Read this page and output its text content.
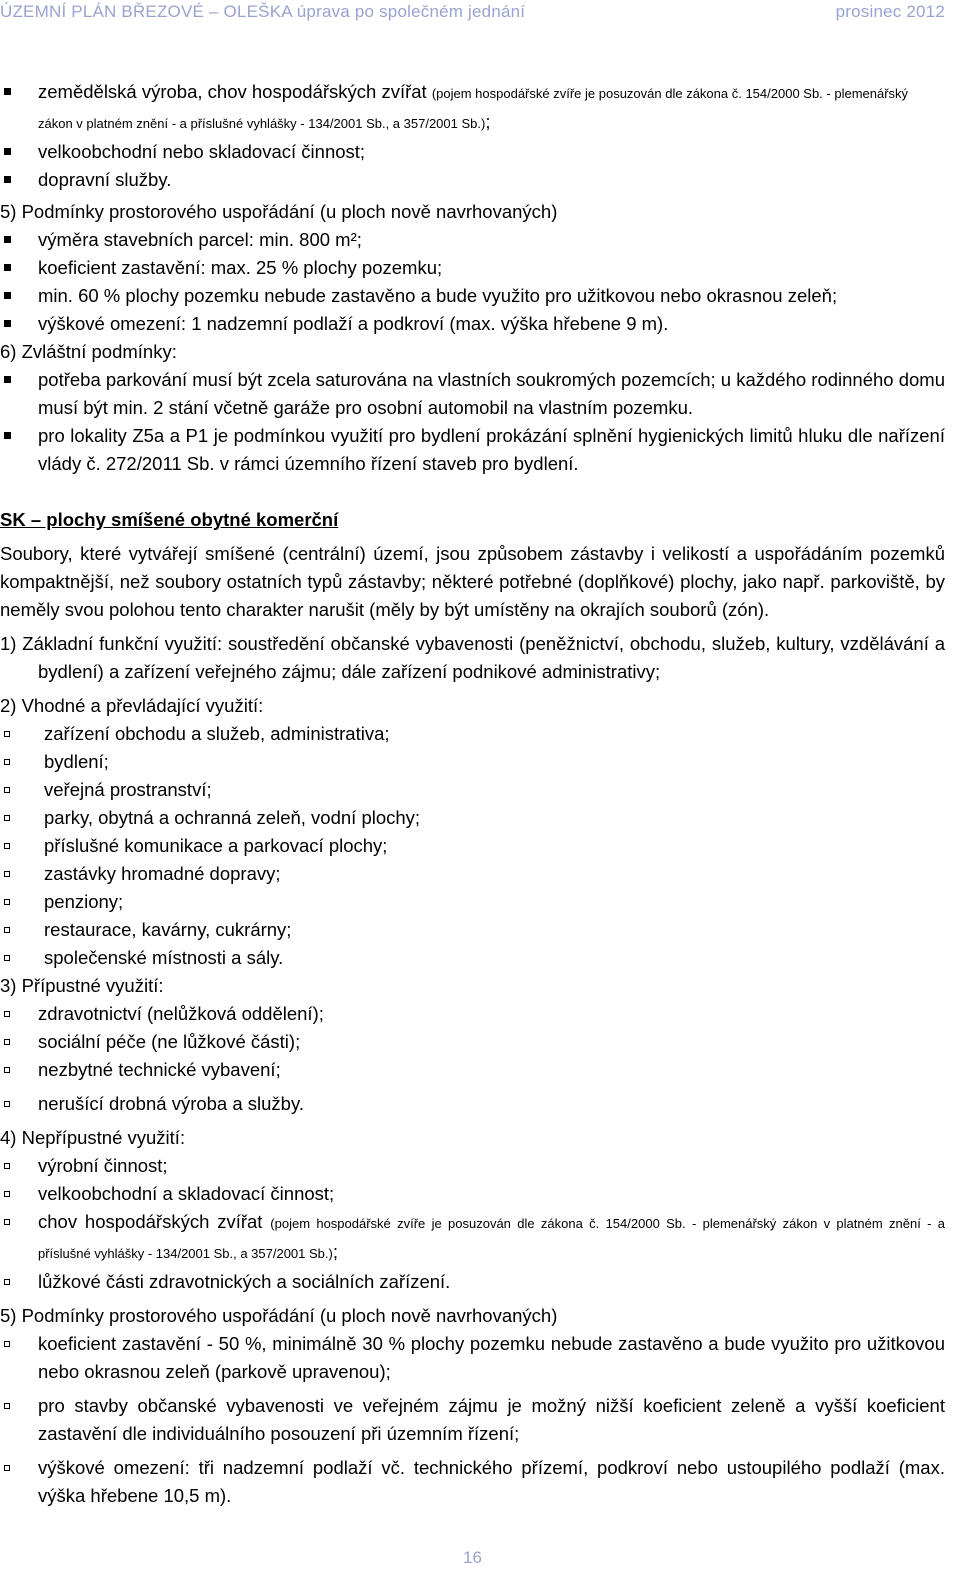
ÚZEMNÍ PLÁN BŘEZOVÉ – OLEŠKA úprava po společném jednání	prosinec 2012

zemědělská výroba, chov hospodářských zvířat (pojem hospodářské zvíře je posuzován dle zákona č. 154/2000 Sb. - plemenářský zákon v platném znění - a příslušné vyhlášky - 134/2001 Sb., a 357/2001 Sb.);

velkoobchodní nebo skladovací činnost;

dopravní služby.

5) Podmínky prostorového uspořádání (u ploch nově navrhovaných)

výměra stavebních parcel: min. 800 m²;

koeficient zastavění: max. 25 % plochy pozemku;

min. 60 % plochy pozemku nebude zastavěno a bude využito pro užitkovou nebo okrasnou zeleň;

výškové omezení: 1 nadzemní podlaží a podkroví (max. výška hřebene 9 m).

6) Zvláštní podmínky:

potřeba parkování musí být zcela saturována na vlastních soukromých pozemcích; u každého rodinného domu musí být min. 2 stání včetně garáže pro osobní automobil na vlastním pozemku.

pro lokality Z5a a P1 je podmínkou využití pro bydlení prokázání splnění hygienických limitů hluku dle nařízení vlády č. 272/2011 Sb. v rámci územního řízení staveb pro bydlení.

SK – plochy smíšené obytné komerční

Soubory, které vytvářejí smíšené (centrální) území, jsou způsobem zástavby i velikostí a uspořádáním pozemků kompaktnější, než soubory ostatních typů zástavby; některé potřebné (doplňkové) plochy, jako např. parkoviště, by neměly svou polohou tento charakter narušit (měly by být umístěny na okrajích souborů (zón).

1) Základní funkční využití: soustředění občanské vybavenosti (peněžnictví, obchodu, služeb, kultury, vzdělávání a bydlení) a zařízení veřejného zájmu; dále zařízení podnikové administrativy;

2) Vhodné a převládající využití:

zařízení obchodu a služeb, administrativa;

bydlení;

veřejná prostranství;

parky, obytná a ochranná zeleň, vodní plochy;

příslušné komunikace a parkovací plochy;

zastávky hromadné dopravy;

penziony;

restaurace, kavárny, cukrárny;

společenské místnosti a sály.

3) Přípustné využití:

zdravotnictví (nelůžková oddělení);

sociální péče (ne lůžkové části);

nezbytné technické vybavení;

nerušící drobná výroba a služby.

4) Nepřípustné využití:

výrobní činnost;

velkoobchodní a skladovací činnost;

chov hospodářských zvířat (pojem hospodářské zvíře je posuzován dle zákona č. 154/2000 Sb. - plemenářský zákon v platném znění - a příslušné vyhlášky - 134/2001 Sb., a 357/2001 Sb.);

lůžkové části zdravotnických a sociálních zařízení.

5) Podmínky prostorového uspořádání (u ploch nově navrhovaných)

koeficient zastavění - 50 %, minimálně 30 % plochy pozemku nebude zastavěno a bude využito pro užitkovou nebo okrasnou zeleň (parkově upravenou);

pro stavby občanské vybavenosti ve veřejném zájmu je možný nižší koeficient zeleně a vyšší koeficient zastavění dle individuálního posouzení při územním řízení;

výškové omezení: tři nadzemní podlaží vč. technického přízemí, podkroví nebo ustoupilého podlaží (max. výška hřebene 10,5 m).

16
